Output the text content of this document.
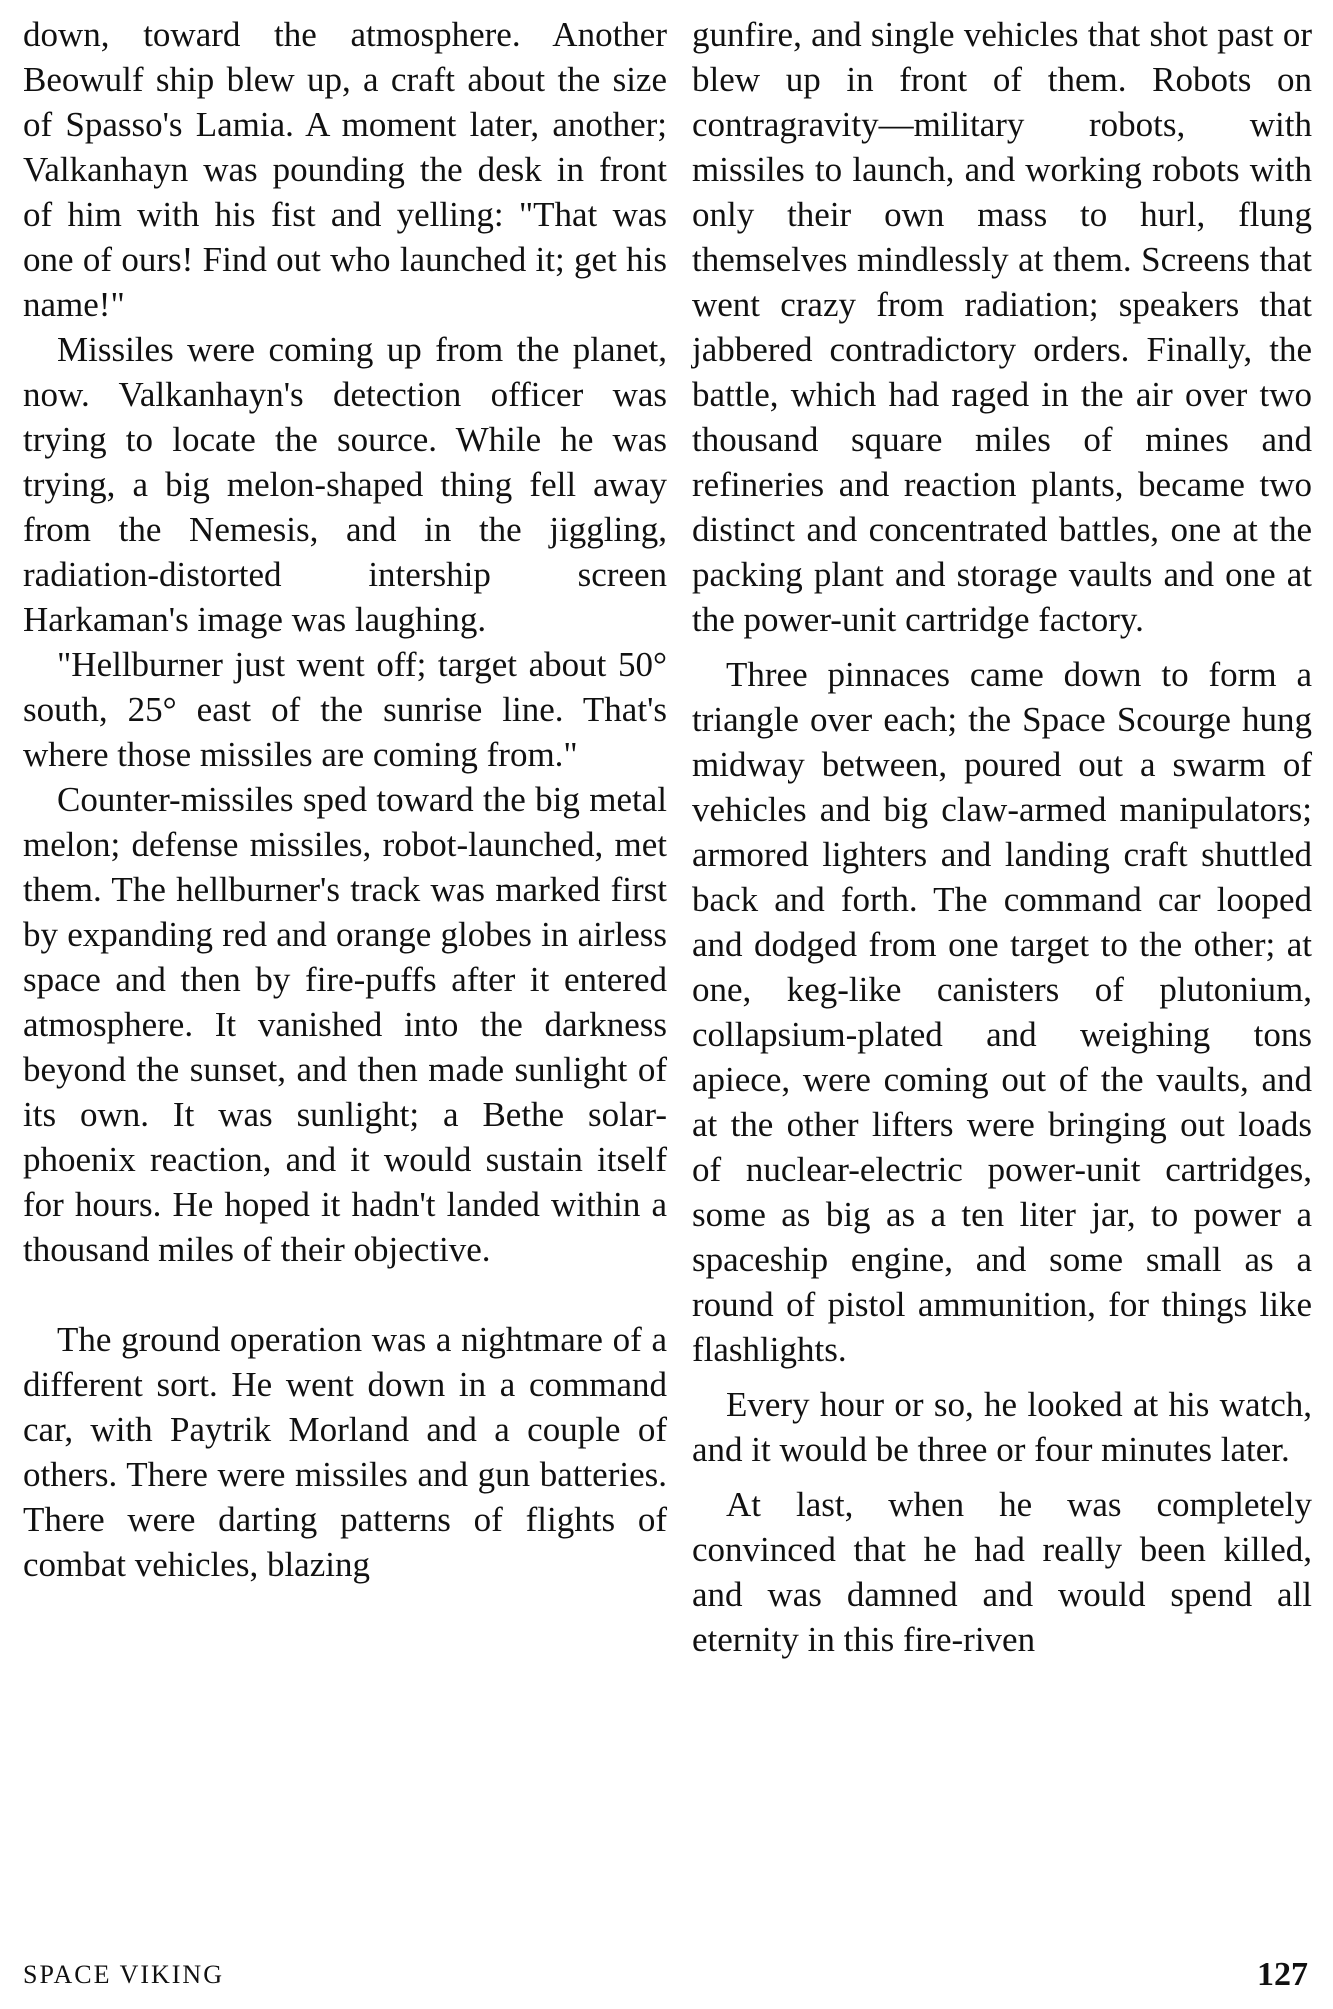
down, toward the atmosphere. Another Beowulf ship blew up, a craft about the size of Spasso's Lamia. A moment later, another; Valkanhayn was pounding the desk in front of him with his fist and yelling: "That was one of ours! Find out who launched it; get his name!"

Missiles were coming up from the planet, now. Valkanhayn's detection officer was trying to locate the source. While he was trying, a big melon-shaped thing fell away from the Nemesis, and in the jiggling, radiation-distorted intership screen Harkaman's image was laughing.

"Hellburner just went off; target about 50° south, 25° east of the sunrise line. That's where those missiles are coming from."

Counter-missiles sped toward the big metal melon; defense missiles, robot-launched, met them. The hellburner's track was marked first by expanding red and orange globes in airless space and then by fire-puffs after it entered atmosphere. It vanished into the darkness beyond the sunset, and then made sunlight of its own. It was sunlight; a Bethe solar-phoenix reaction, and it would sustain itself for hours. He hoped it hadn't landed within a thousand miles of their objective.

The ground operation was a nightmare of a different sort. He went down in a command car, with Paytrik Morland and a couple of others. There were missiles and gun batteries. There were darting patterns of flights of combat vehicles, blazing

gunfire, and single vehicles that shot past or blew up in front of them. Robots on contragravity—military robots, with missiles to launch, and working robots with only their own mass to hurl, flung themselves mindlessly at them. Screens that went crazy from radiation; speakers that jabbered contradictory orders. Finally, the battle, which had raged in the air over two thousand square miles of mines and refineries and reaction plants, became two distinct and concentrated battles, one at the packing plant and storage vaults and one at the power-unit cartridge factory.

Three pinnaces came down to form a triangle over each; the Space Scourge hung midway between, poured out a swarm of vehicles and big claw-armed manipulators; armored lighters and landing craft shuttled back and forth. The command car looped and dodged from one target to the other; at one, keg-like canisters of plutonium, collapsium-plated and weighing tons apiece, were coming out of the vaults, and at the other lifters were bringing out loads of nuclear-electric power-unit cartridges, some as big as a ten liter jar, to power a spaceship engine, and some small as a round of pistol ammunition, for things like flashlights.

Every hour or so, he looked at his watch, and it would be three or four minutes later.

At last, when he was completely convinced that he had really been killed, and was damned and would spend all eternity in this fire-riven

SPACE VIKING	127
